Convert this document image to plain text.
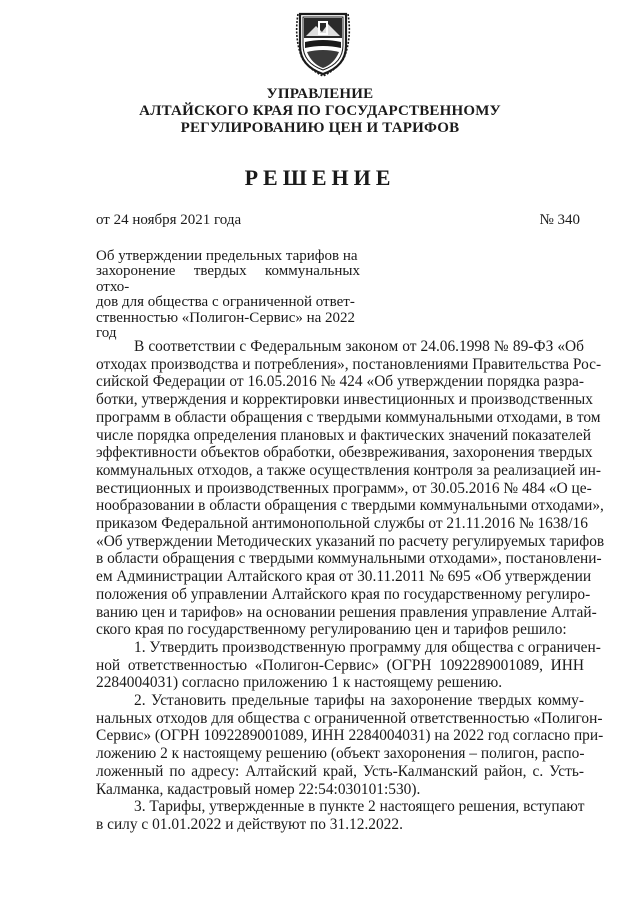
УПРАВЛЕНИЕ
АЛТАЙСКОГО КРАЯ ПО ГОСУДАРСТВЕННОМУ
РЕГУЛИРОВАНИЮ ЦЕН И ТАРИФОВ
РЕШЕНИЕ
от 24 ноября 2021 года	№ 340
Об утверждении предельных тарифов на
захоронение твердых коммунальных отхо-
дов для общества с ограниченной ответ-
ственностью «Полигон-Сервис» на 2022
год
В соответствии с Федеральным законом от 24.06.1998 № 89-ФЗ «Об
отходах производства и потребления», постановлениями Правительства Рос-
сийской Федерации от 16.05.2016 № 424 «Об утверждении порядка разра-
ботки, утверждения и корректировки инвестиционных и производственных
программ в области обращения с твердыми коммунальными отходами, в том
числе порядка определения плановых и фактических значений показателей
эффективности объектов обработки, обезвреживания, захоронения твердых
коммунальных отходов, а также осуществления контроля за реализацией ин-
вестиционных и производственных программ», от 30.05.2016 № 484 «О це-
нообразовании в области обращения с твердыми коммунальными отходами»,
приказом Федеральной антимонопольной службы от 21.11.2016 № 1638/16
«Об утверждении Методических указаний по расчету регулируемых тарифов
в области обращения с твердыми коммунальными отходами», постановлени-
ем Администрации Алтайского края от 30.11.2011 № 695 «Об утверждении
положения об управлении Алтайского края по государственному регулиро-
ванию цен и тарифов» на основании решения правления управление Алтай-
ского края по государственному регулированию цен и тарифов решило:
1. Утвердить производственную программу для общества с ограничен-
ной ответственностью «Полигон-Сервис» (ОГРН 1092289001089, ИНН
2284004031) согласно приложению 1 к настоящему решению.
2. Установить предельные тарифы на захоронение твердых комму-
нальных отходов для общества с ограниченной ответственностью «Полигон-
Сервис» (ОГРН 1092289001089, ИНН 2284004031) на 2022 год согласно при-
ложению 2 к настоящему решению (объект захоронения – полигон, распо-
ложенный по адресу: Алтайский край, Усть-Калманский район, с. Усть-
Калманка, кадастровый номер 22:54:030101:530).
3. Тарифы, утвержденные в пункте 2 настоящего решения, вступают
в силу с 01.01.2022 и действуют по 31.12.2022.
